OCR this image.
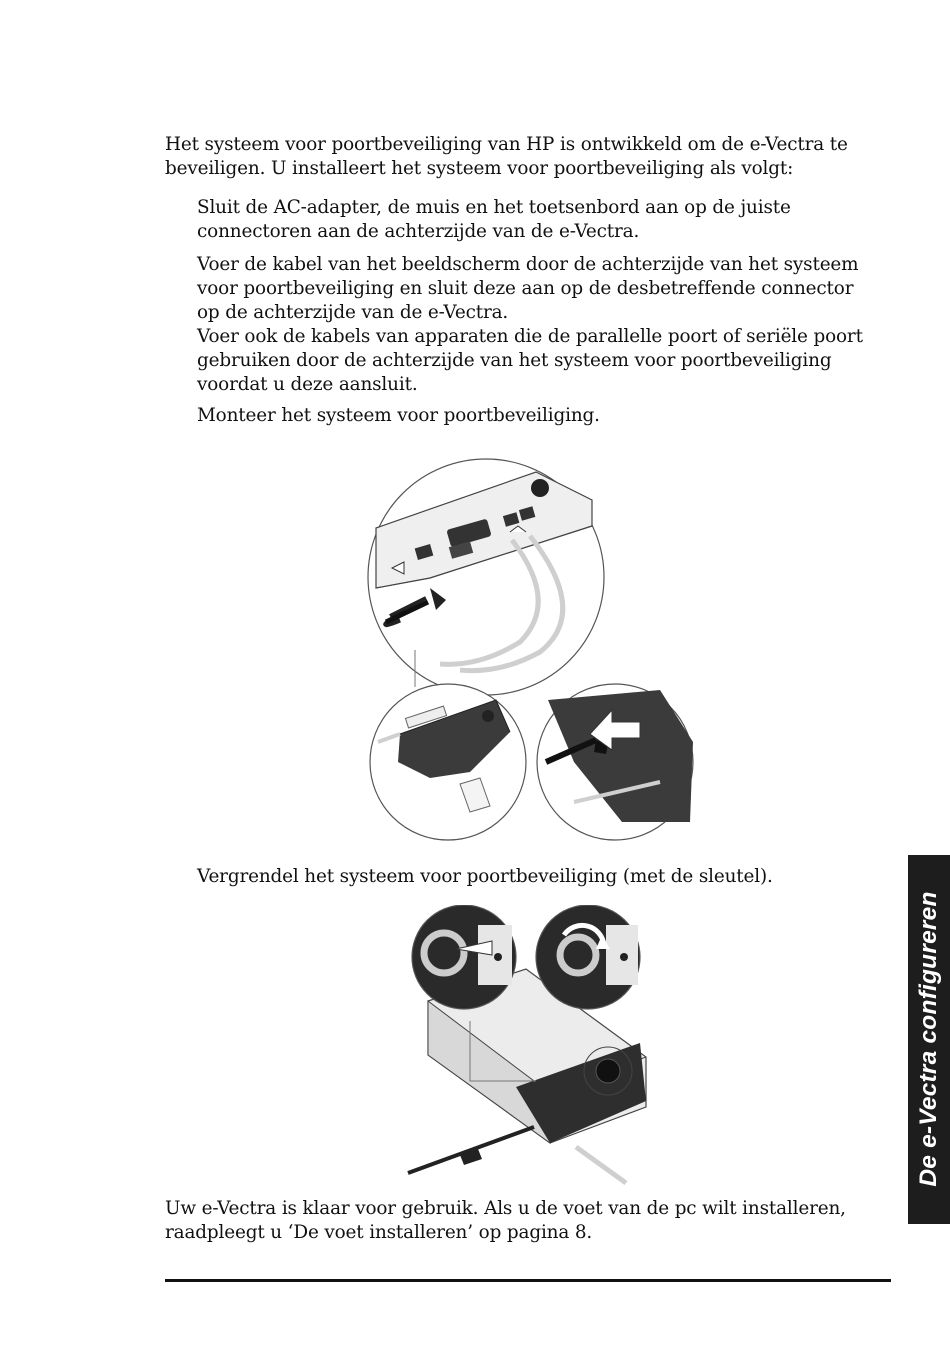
Het systeem voor poortbeveiliging van HP is ontwikkeld om de e-Vectra te
beveiligen. U installeert het systeem voor poortbeveiliging als volgt:

Sluit de AC-adapter, de muis en het toetsenbord aan op de juiste
connectoren aan de achterzijde van de e-Vectra.

Voer de kabel van het beeldscherm door de achterzijde van het systeem
voor poortbeveiliging en sluit deze aan op de desbetreffende connector
op de achterzijde van de e-Vectra.
Voer ook de kabels van apparaten die de parallelle poort of seriële poort
gebruiken door de achterzijde van het systeem voor poortbeveiliging
voordat u deze aansluit.

Monteer het systeem voor poortbeveiliging.

Vergrendel het systeem voor poortbeveiliging (met de sleutel).

Uw e-Vectra is klaar voor gebruik. Als u de voet van de pc wilt installeren,
raadpleegt u ‘De voet installeren’ op pagina 8.

De e-Vectra configureren
